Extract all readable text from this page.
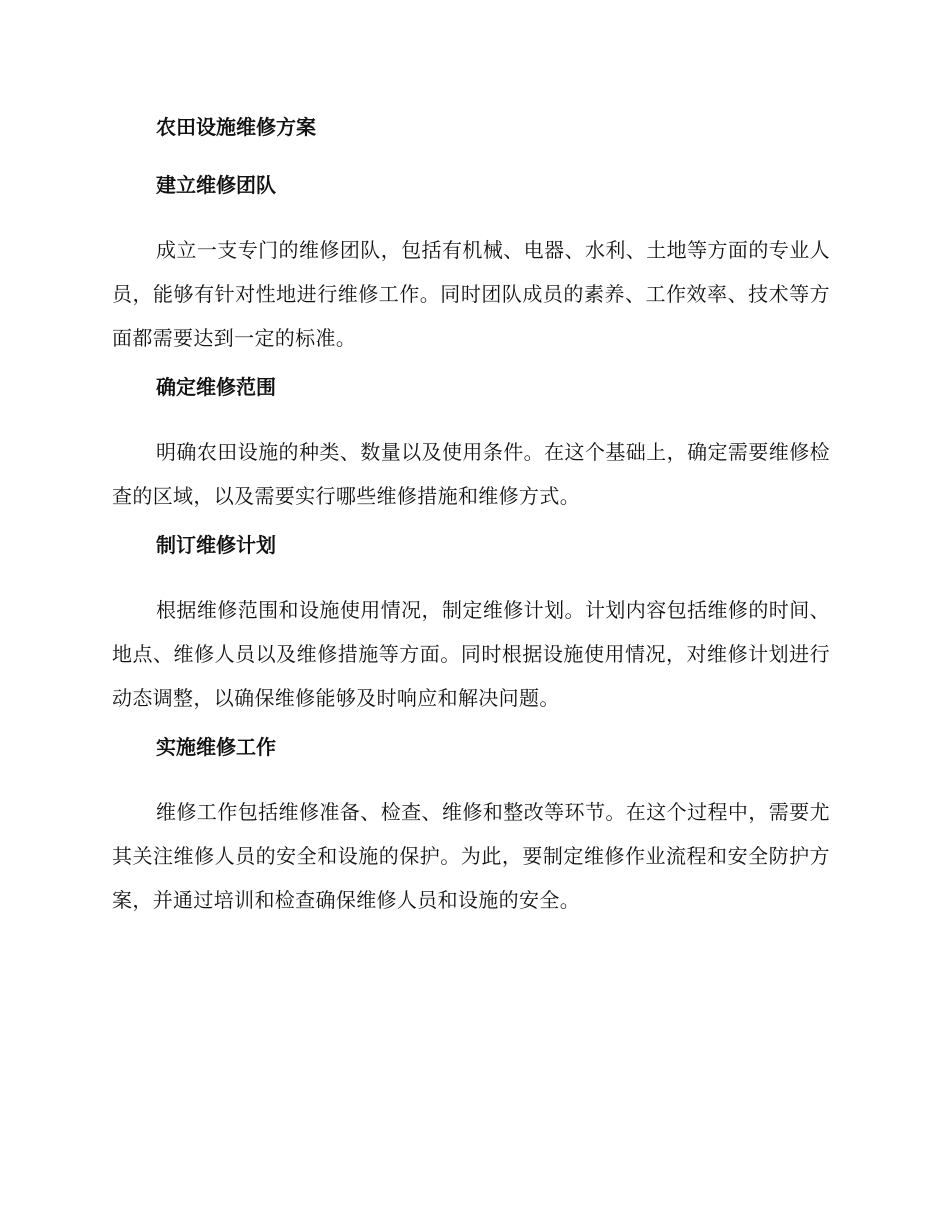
农田设施维修方案
建立维修团队

成立一支专门的维修团队，包括有机械、电器、水利、土地等方面的专业人员，能够有针对性地进行维修工作。同时团队成员的素养、工作效率、技术等方面都需要达到一定的标准。

确定维修范围

明确农田设施的种类、数量以及使用条件。在这个基础上，确定需要维修检查的区域，以及需要实行哪些维修措施和维修方式。

制订维修计划

根据维修范围和设施使用情况，制定维修计划。计划内容包括维修的时间、地点、维修人员以及维修措施等方面。同时根据设施使用情况，对维修计划进行动态调整，以确保维修能够及时响应和解决问题。

实施维修工作

维修工作包括维修准备、检查、维修和整改等环节。在这个过程中，需要尤其关注维修人员的安全和设施的保护。为此，要制定维修作业流程和安全防护方案，并通过培训和检查确保维修人员和设施的安全。
